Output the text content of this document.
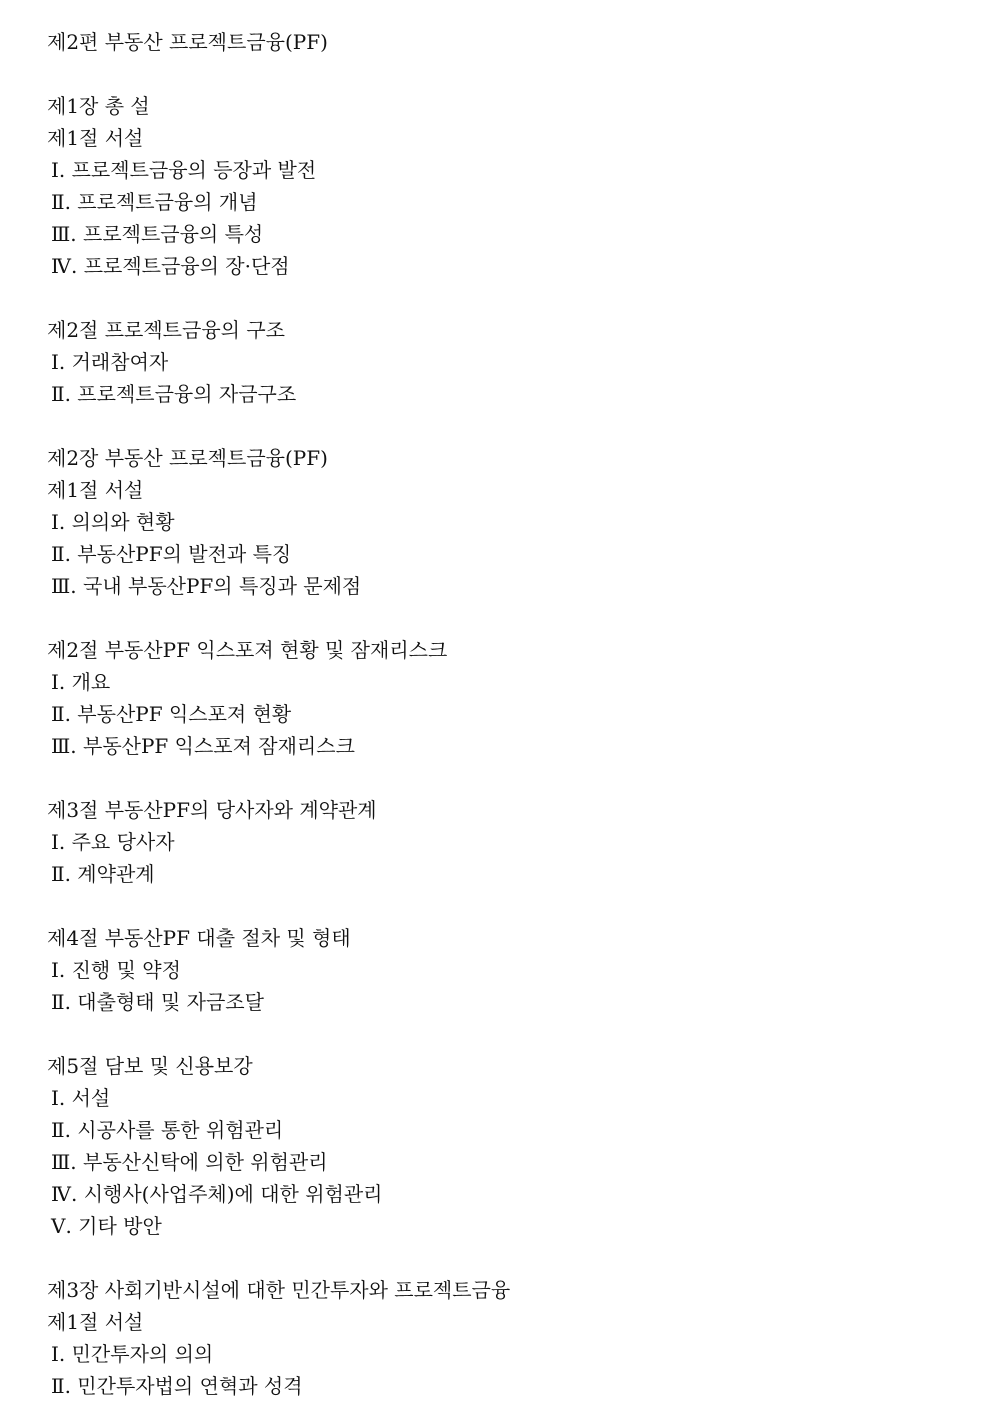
제2편 부동산 프로젝트금융(PF)
제1장 총 설
제1절 서설
Ⅰ. 프로젝트금융의 등장과 발전
Ⅱ. 프로젝트금융의 개념
Ⅲ. 프로젝트금융의 특성
Ⅳ. 프로젝트금융의 장·단점
제2절 프로젝트금융의 구조
Ⅰ. 거래참여자
Ⅱ. 프로젝트금융의 자금구조
제2장 부동산 프로젝트금융(PF)
제1절 서설
Ⅰ. 의의와 현황
Ⅱ. 부동산PF의 발전과 특징
Ⅲ. 국내 부동산PF의 특징과 문제점
제2절 부동산PF 익스포져 현황 및 잠재리스크
Ⅰ. 개요
Ⅱ. 부동산PF 익스포져 현황
Ⅲ. 부동산PF 익스포져 잠재리스크
제3절 부동산PF의 당사자와 계약관계
Ⅰ. 주요 당사자
Ⅱ. 계약관계
제4절 부동산PF 대출 절차 및 형태
Ⅰ. 진행 및 약정
Ⅱ. 대출형태 및 자금조달
제5절 담보 및 신용보강
Ⅰ. 서설
Ⅱ. 시공사를 통한 위험관리
Ⅲ. 부동산신탁에 의한 위험관리
Ⅳ. 시행사(사업주체)에 대한 위험관리
Ⅴ. 기타 방안
제3장 사회기반시설에 대한 민간투자와 프로젝트금융
제1절 서설
Ⅰ. 민간투자의 의의
Ⅱ. 민간투자법의 연혁과 성격
